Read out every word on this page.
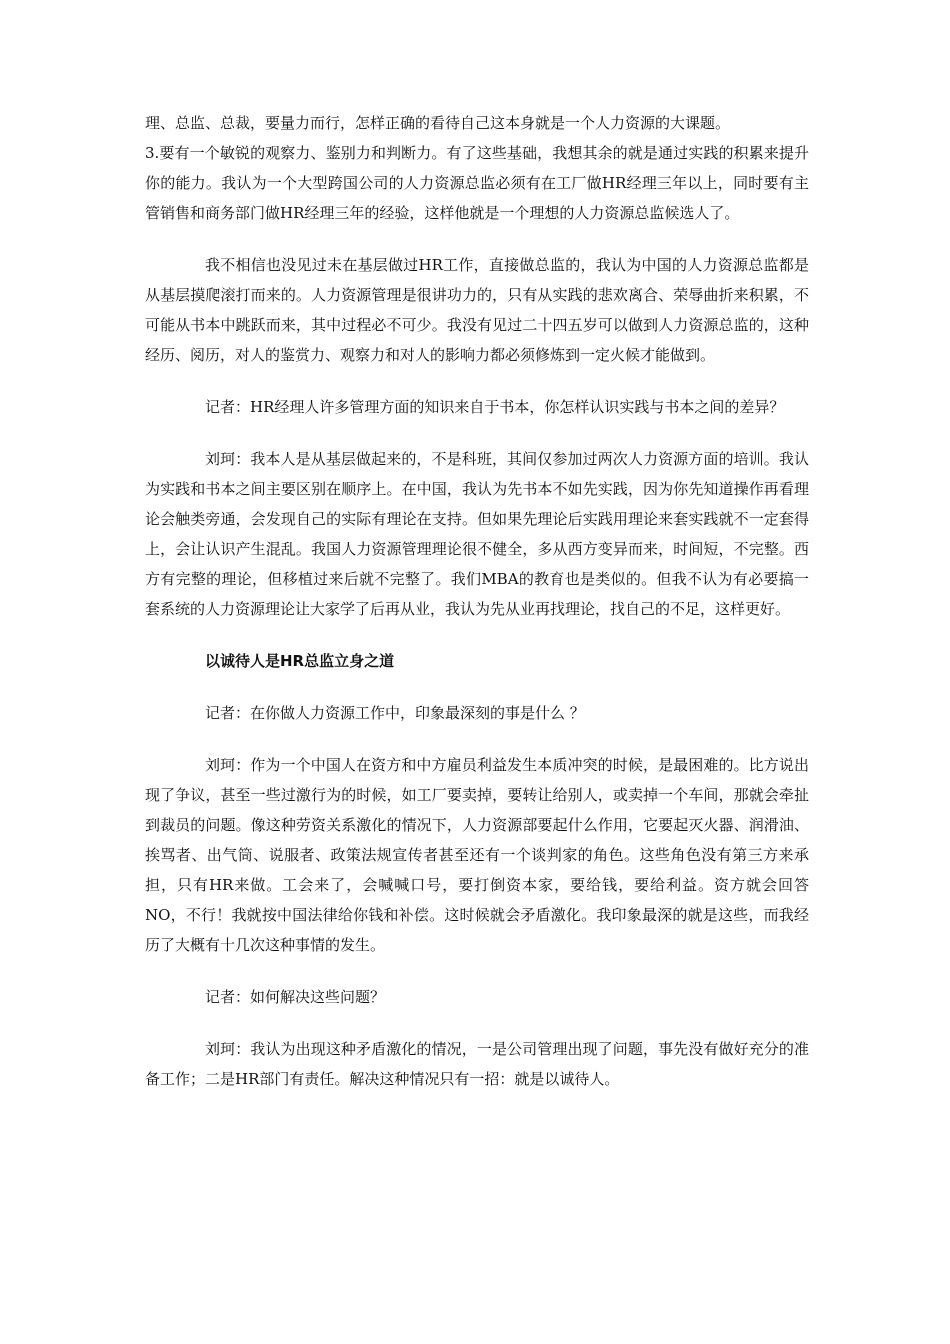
理、总监、总裁，要量力而行，怎样正确的看待自己这本身就是一个人力资源的大课题。

3.要有一个敏锐的观察力、鉴别力和判断力。有了这些基础，我想其余的就是通过实践的积累来提升你的能力。我认为一个大型跨国公司的人力资源总监必须有在工厂做HR经理三年以上，同时要有主管销售和商务部门做HR经理三年的经验，这样他就是一个理想的人力资源总监候选人了。

我不相信也没见过未在基层做过HR工作，直接做总监的，我认为中国的人力资源总监都是从基层摸爬滚打而来的。人力资源管理是很讲功力的，只有从实践的悲欢离合、荣辱曲折来积累，不可能从书本中跳跃而来，其中过程必不可少。我没有见过二十四五岁可以做到人力资源总监的，这种经历、阅历，对人的鉴赏力、观察力和对人的影响力都必须修炼到一定火候才能做到。

记者：HR经理人许多管理方面的知识来自于书本，你怎样认识实践与书本之间的差异？

刘珂：我本人是从基层做起来的，不是科班，其间仅参加过两次人力资源方面的培训。我认为实践和书本之间主要区别在顺序上。在中国，我认为先书本不如先实践，因为你先知道操作再看理论会触类旁通，会发现自己的实际有理论在支持。但如果先理论后实践用理论来套实践就不一定套得上，会让认识产生混乱。我国人力资源管理理论很不健全，多从西方变异而来，时间短，不完整。西方有完整的理论，但移植过来后就不完整了。我们MBA的教育也是类似的。但我不认为有必要搞一套系统的人力资源理论让大家学了后再从业，我认为先从业再找理论，找自己的不足，这样更好。

以诚待人是HR总监立身之道

记者：在你做人力资源工作中，印象最深刻的事是什么 ？

刘珂：作为一个中国人在资方和中方雇员利益发生本质冲突的时候，是最困难的。比方说出现了争议，甚至一些过激行为的时候，如工厂要卖掉，要转让给别人，或卖掉一个车间，那就会牵扯到裁员的问题。像这种劳资关系激化的情况下，人力资源部要起什么作用，它要起灭火器、润滑油、挨骂者、出气筒、说服者、政策法规宣传者甚至还有一个谈判家的角色。这些角色没有第三方来承担，只有HR来做。工会来了，会喊喊口号，要打倒资本家，要给钱，要给利益。资方就会回答NO，不行！我就按中国法律给你钱和补偿。这时候就会矛盾激化。我印象最深的就是这些，而我经历了大概有十几次这种事情的发生。

记者：如何解决这些问题？

刘珂：我认为出现这种矛盾激化的情况，一是公司管理出现了问题，事先没有做好充分的准备工作；二是HR部门有责任。解决这种情况只有一招：就是以诚待人。
